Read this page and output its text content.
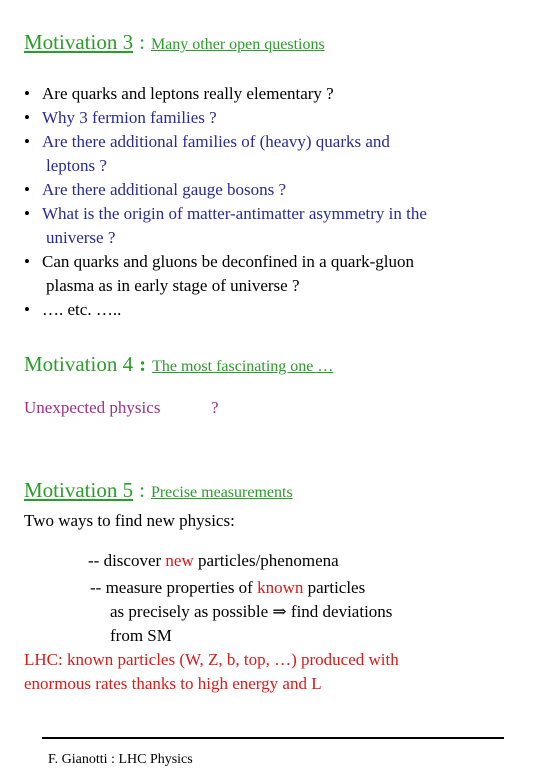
Motivation 3 : Many other open questions
• Are quarks and leptons really elementary ?
• Why 3 fermion families ?
• Are there additional families of (heavy) quarks and
leptons ?
• Are there additional gauge bosons ?
• What is the origin of matter-antimatter asymmetry in the
universe ?
• Can quarks and gluons be deconfined in a quark-gluon
plasma as in early stage of universe ?
• …. etc. …..
Motivation 4 : The most fascinating one …
Unexpected physics	?
Motivation 5 : Precise measurements
Two ways to find new physics:
-- discover new particles/phenomena
-- measure properties of known particles
as precisely as possible ⇒ find deviations
from SM
LHC: known particles (W, Z, b, top, …) produced with
enormous rates thanks to high energy and L
F. Gianotti : LHC Physics
